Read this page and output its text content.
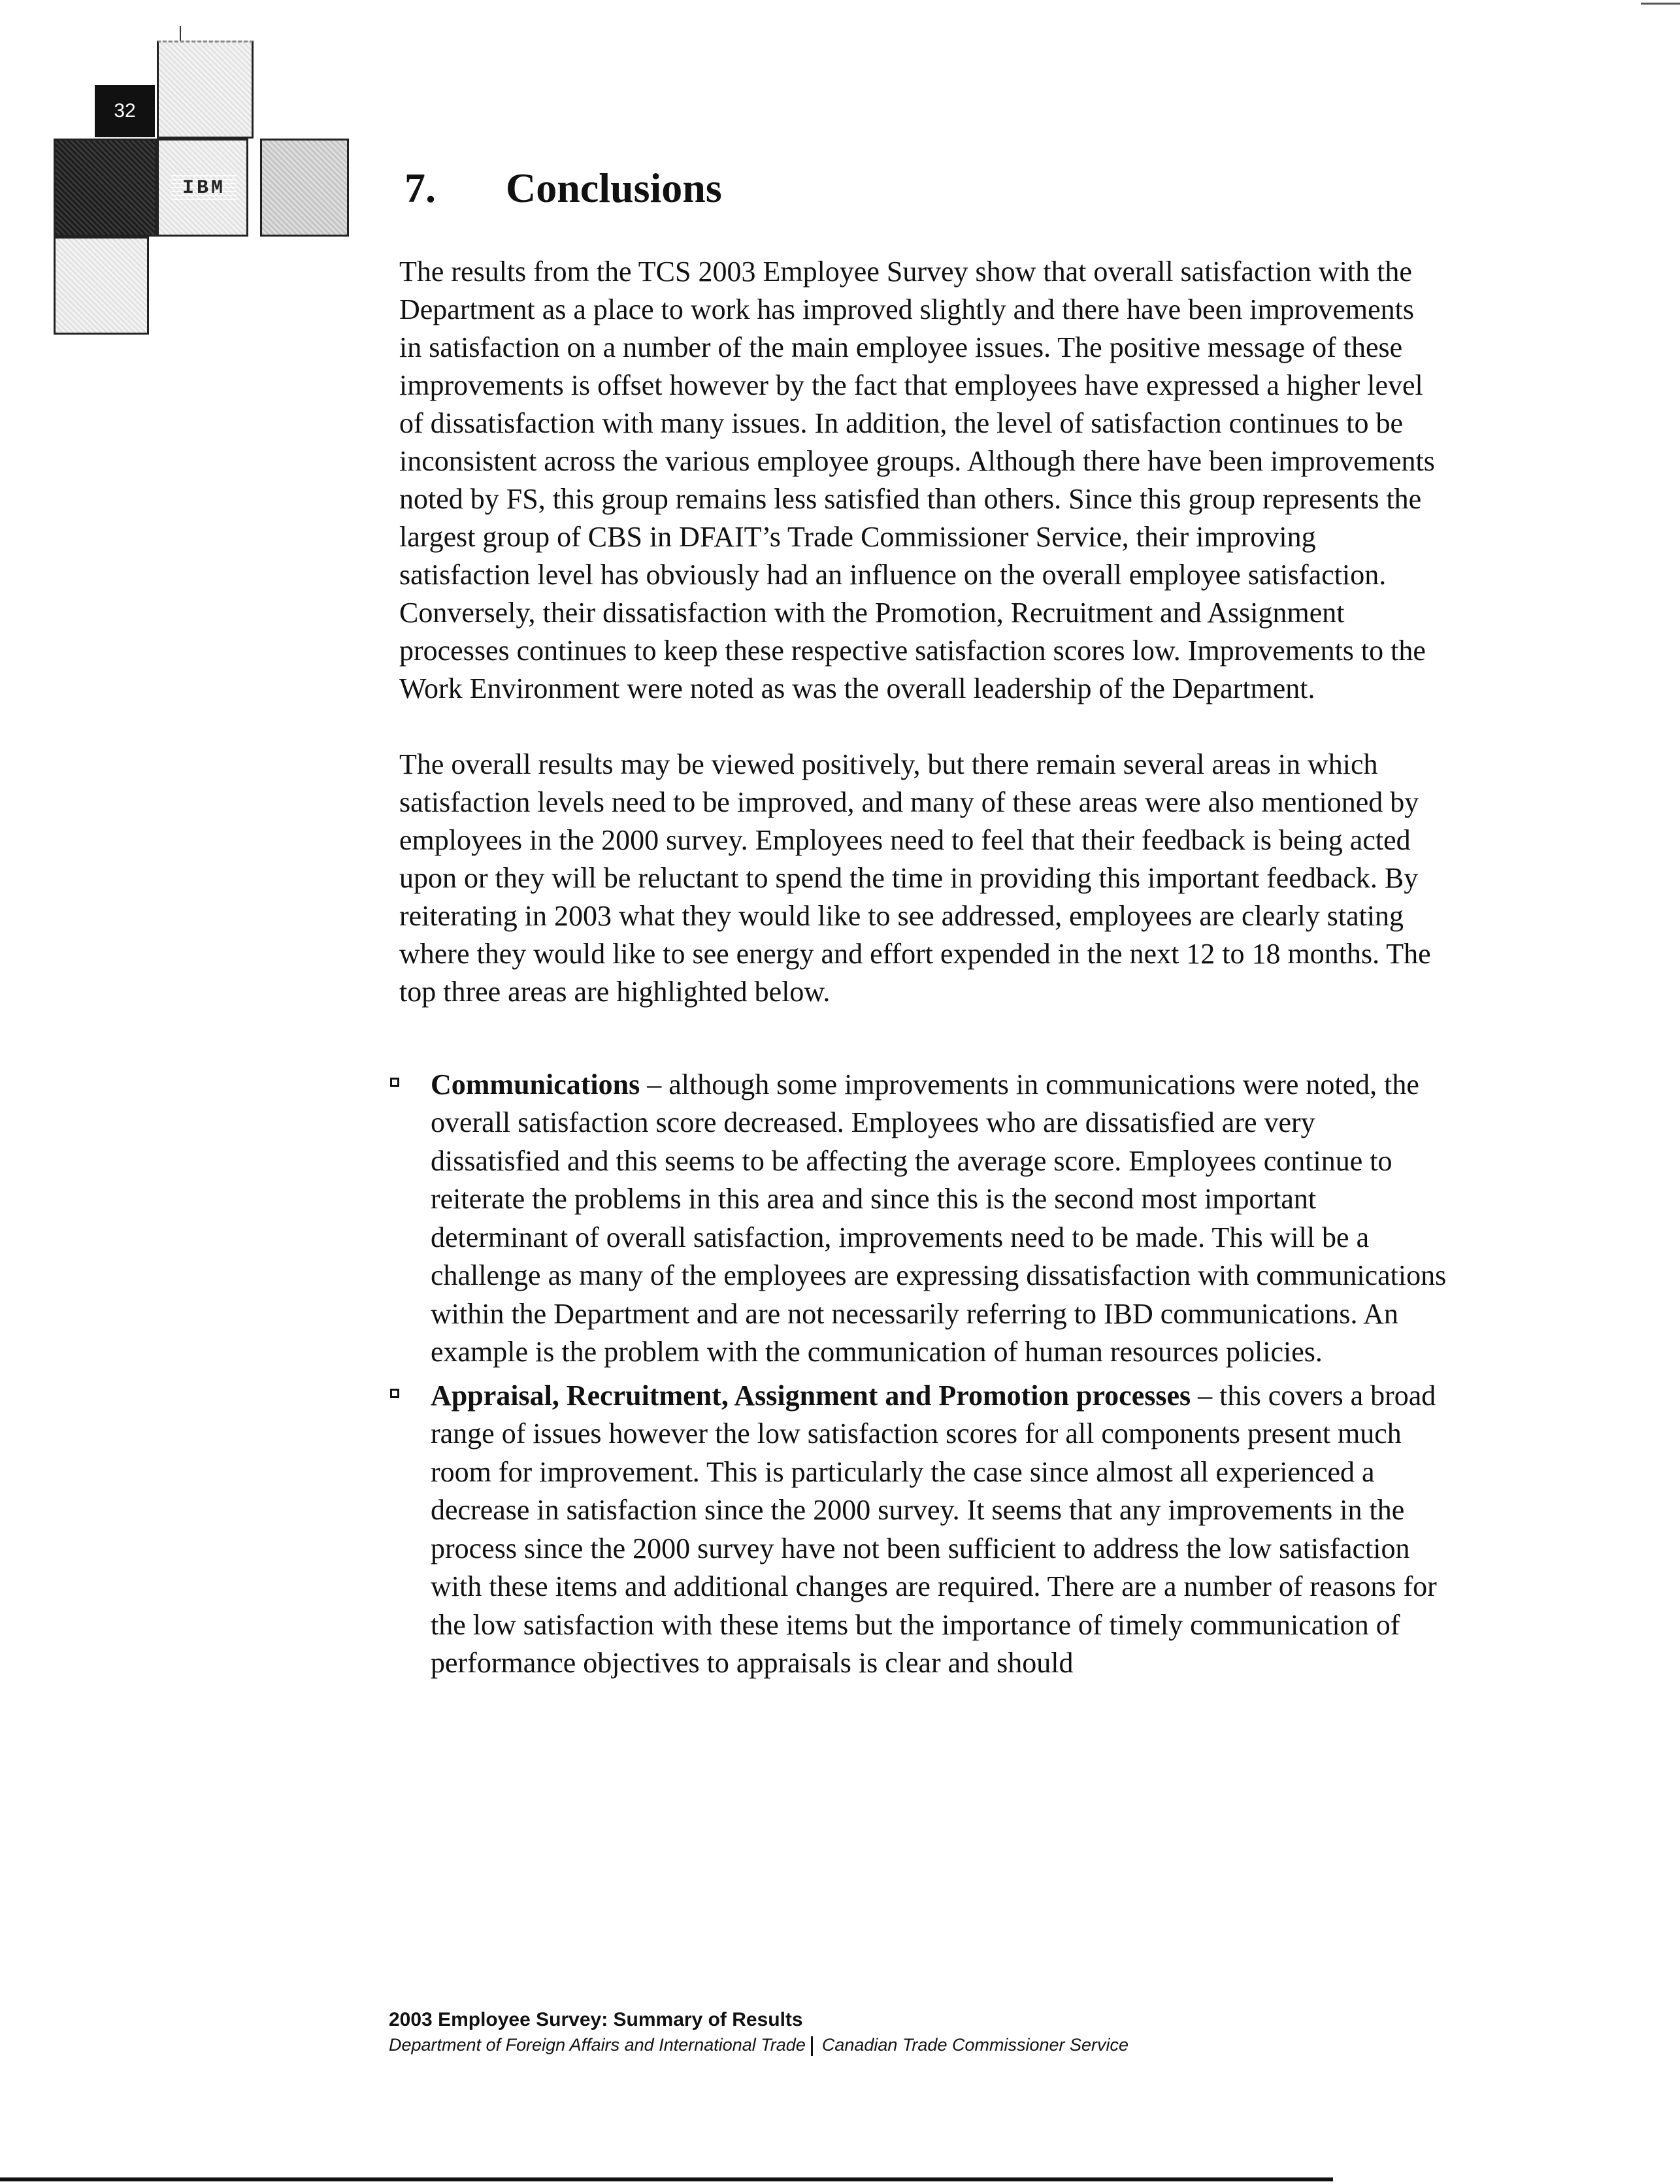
32
IBM	7.	Conclusions

The results from the TCS 2003 Employee Survey show that overall satisfaction with the Department as a place to work has improved slightly and there have been improvements in satisfaction on a number of the main employee issues. The positive message of these improvements is offset however by the fact that employees have expressed a higher level of dissatisfaction with many issues. In addition, the level of satisfaction continues to be inconsistent across the various employee groups. Although there have been improvements noted by FS, this group remains less satisfied than others. Since this group represents the largest group of CBS in DFAIT’s Trade Commissioner Service, their improving satisfaction level has obviously had an influence on the overall employee satisfaction. Conversely, their dissatisfaction with the Promotion, Recruitment and Assignment processes continues to keep these respective satisfaction scores low. Improvements to the Work Environment were noted as was the overall leadership of the Department.

The overall results may be viewed positively, but there remain several areas in which satisfaction levels need to be improved, and many of these areas were also mentioned by employees in the 2000 survey. Employees need to feel that their feedback is being acted upon or they will be reluctant to spend the time in providing this important feedback. By reiterating in 2003 what they would like to see addressed, employees are clearly stating where they would like to see energy and effort expended in the next 12 to 18 months. The top three areas are highlighted below.

Communications – although some improvements in communications were noted, the overall satisfaction score decreased. Employees who are dissatisfied are very dissatisfied and this seems to be affecting the average score. Employees continue to reiterate the problems in this area and since this is the second most important determinant of overall satisfaction, improvements need to be made. This will be a challenge as many of the employees are expressing dissatisfaction with communications within the Department and are not necessarily referring to IBD communications. An example is the problem with the communication of human resources policies.
Appraisal, Recruitment, Assignment and Promotion processes – this covers a broad range of issues however the low satisfaction scores for all components present much room for improvement. This is particularly the case since almost all experienced a decrease in satisfaction since the 2000 survey. It seems that any improvements in the process since the 2000 survey have not been sufficient to address the low satisfaction with these items and additional changes are required. There are a number of reasons for the low satisfaction with these items but the importance of timely communication of performance objectives to appraisals is clear and should
2003 Employee Survey: Summary of Results
Department of Foreign Affairs and International Trade Canadian Trade Commissioner Service
